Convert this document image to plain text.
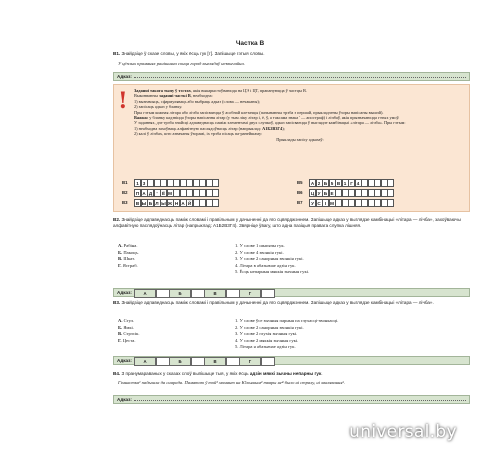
Частка В
В1. Знайдзіце ў сказе словы, у якіх ёсць гук [т]. Запішыце гэтыя словы.
У цёплых прамянях ранішняга сонца горад выглядаў незвычайна.
Адказ:
! Заданні такога тыпу ў тэстах, якія выкарыстоўваюцца на ЦЭ і ЦТ, прапануюцца ў частцы В.
Выконваючы заданні часткі В, неабходна:
1) вызначыць, сфармуляваць або выбраць адказ (слова — нечаканы);
2) запісаць адказ у бланку.
Пры гэтым кожная літара або лічба запісваецца ў асобнай клетачцы (пачынаючы трэба з першай, прыкладзены ўзоры напісаны вышэй).
Важна: у бланку кадзвіцца ўзоры напісання літар (у тым ліку літар і, ё, ў, а таксама знака ' — апостраф) і лічбаў, якія прызначаюцца гэтых умоў.
У заданнях, дзе трэба знайсці адпаведнасць паміж элементамі двух слупкоў, адказ запісваецца ў выглядзе камбінацыі «літара — лічба». Пры гэтым:
1) неабходна захоўваць алфавітную паслядоўнасць літар (напрыклад: А1Б2В3Г4);
2) калі ў лічбах, што азначаны ўзорамі, іх трэба пісаць па-ранейшаму:
Прыклады запісу адказаў:
В1	1 3
В2	П А Д ' Ё М
В3	В Ы Б Л Ы Ж Н А Й
В5	А 2 Б 5 В 1 Г 4
В6	Ц У Б Е
В7	У С І М
В2. Знайдзіце адпаведнасць паміж словамі і правільным у дачыненні да яго сцвярджэннем. Запішыце адказ у выглядзе камбінацыі «літара — лічба», захоўваючы алфавітную паслядоўнасць літар (напрыклад: А1Б2В3Г4). Звярніце ўвагу, што адна пазіцыя правага слупка лішняя.
А. Рабіна.
Б. Пакоць.
В. Шкат.
Г. Ястраб.
1. У слове 1 шыпячы гук.
2. У слове 4 звонкія гукі.
3. У слове 2 санорныя звонкія гукі.
4. Літара в абазначае адзін гук.
5. Ёсць непарныя мяккія зычныя гукі.
Адказ:	А	Б	В	Г
В3. Знайдзіце адпаведнасць паміж словамі і правільным у дачыненні да яго сцвярджэннем. Запішыце адказ у выглядзе камбінацыі «літара — лічба».
А. Стул.
Б. Ямкі.
В. Стрэсік.
Г. Цеста.
1. У слове ўсе зычныя парныя па глухасці-звонкасці.
2. У слове 2 санорныя звонкія гукі.
3. У слове 2 глухія зычныя гукі.
4. У слове 2 мяккія зычныя гукі.
5. Літара я абазначае адзін гук.
Адказ:	А	Б	В	Г
В4. З пранумараваных у сказах слоў выпішыце тыя, у якіх ёсць адзін мяккі зычны непарны гук.
Гімнастка¹ падышла да снарада. Памятаю ў той² момант на Юльяным³ твары не⁴ было ні страху, ні хвалявання⁵.
Адказ:
universal.by
